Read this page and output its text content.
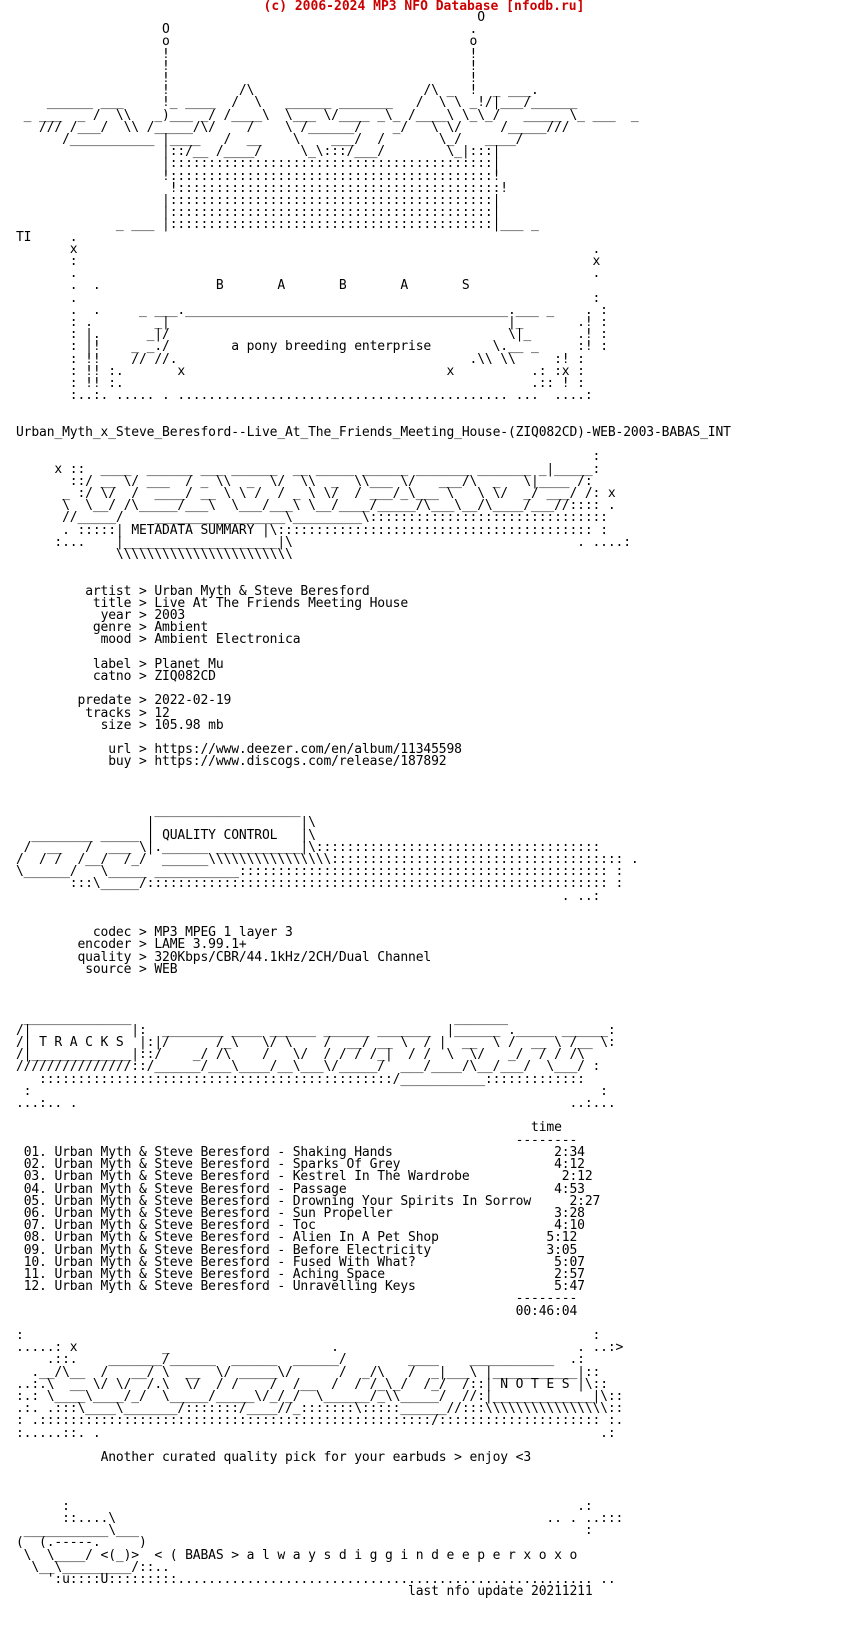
(c) 2006-2024 MP3 NFO Database [nfodb.ru]
O
O                                       .
o                                       o
!                                       !
!                                       !
!                                       !
!         /\                      /\ _  !  _ ___.
______ ___     !_ ____  /  \   ______ _______   /  \ \ _!/|___/______
_ ___  _ /  \\   _)___ _/ /____\  \___ \/____ _\_ /____\ \_\_/   _____ \_ ___  _
/// /___/  \\ /_____/\/    /    \ /______/    _/   \ \/     /_____///
/___________ |____   /  __    \    ___/  /       \_/   ____/
|::/__ /____/     \_\:::/___/        \_|:::|
|::::::::::::::::::::::::::::::::::::::::::|
!::::::::::::::::::::::::::::::::::::::::::!
!::::::::::::::::::::::::::::::::::::::::::!
|::::::::::::::::::::::::::::::::::::::::::|
|::::::::::::::::::::::::::::::::::::::::::|
_ ___ |::::::::::::::::::::::::::::::::::::::::::|___ _
TI     .
x                                                                   .
:                                                                   x
.                                                                   .
.  .	B       A       B       A       S
.                                                                   :
.  .     _ ___.__________________________________________.___ _    . :
: .        _|                                            |_       .! :
: |.      _|/                                            \|_      .! :
: |!    _ _./	a pony breeding enterprise	\.__ _     :! :
: !!    // //.                                      .\\ \\     :! :
: !! :.       x                                  x          .: :x :
: !! :.                                                     .:: ! :
:..:. ..... . ........................................... ...  ....:

Urban_Myth_x_Steve_Beresford--Live_At_The_Friends_Meeting_House-(ZIQ082CD)-WEB-2003-BABAS_INT

:
x ::  ____  ______ ___ ______  __ _____ ______ _______ _______ _|_____:
::/ __ \/ ___  / _ \\  _  \/  \\  _  \\___ \/   ___/\  _   \|____ /:
_ :/ \/  /  ____/ __ \ \ /  / _ \ \/  / ___/_\___ \   \ \/  _/ ___/ /: x
\  \__/ /\_____/___\  \___/___\ \__/____/_____/\___\__/\____/___//:::: .
//_____/    _________________\_________\:::::::::::::::::::::::::::::::
. :::::| METADATA SUMMARY |\::::::::::::::::::::::::::::::::::::::::: :
:...    |____________________|\                                     . ....:
\\\\\\\\\\\\\\\\\\\\\\\

artist > Urban Myth & Steve Beresford
title > Live At The Friends Meeting House
year > 2003
genre > Ambient
mood > Ambient Electronica

label > Planet Mu
catno > ZIQ082CD

predate > 2022-02-19
tracks > 12
size > 105.98 mb

url > https://www.deezer.com/en/album/11345598
buy > https://www.discogs.com/release/187892

___________________
|                   |\
________ _____ | QUALITY CONTROL   |\
/  __   /  ___ \|.______ ___________|\:::::::::::::::::::::::::::::::::::::
/  / /  /__/  /_/  ______\\\\\\\\\\\\\\\\:::::::::::::::::::::::::::::::::::::: .
\______/   \_____ ___________:::::::::::::::::::::::::::::::::::::::::::::::: :
:::\_____/:::::::::::::::::::::::::::::::::::::::::::::::::::::::::::: :
. ..:

codec > MP3 MPEG 1 layer 3
encoder > LAME 3.99.1+
quality > 320Kbps/CBR/44.1kHz/2CH/Dual Channel
source > WEB

______________                                          _______
/|             |:  ________ ____ ______ ______ _______  |______ ._____ ______:
/| T R A C K S  |:|/      /_\   \/ \    /  __/ __ \  / |  __  \ /  __ \ /__ \:
/|_____________|::/    _/ /\    /   \/  / / / /_|  / /  \  \/   _/  / / /\
///////////////::/______/___\____/__\___\/_____/  ___/____/\__/___/  \___/ :
::::::::::::::::::::::::::::::::::::::::::::::/___________:::::::::::::
:                                                                          :
...:.. .                                                                ..:...

time
--------
01. Urban Myth & Steve Beresford - Shaking Hands	2:34
02. Urban Myth & Steve Beresford - Sparks Of Grey	4:12
03. Urban Myth & Steve Beresford - Kestrel In The Wardrobe	2:12
04. Urban Myth & Steve Beresford - Passage	4:53
05. Urban Myth & Steve Beresford - Drowning Your Spirits In Sorrow	2:27
06. Urban Myth & Steve Beresford - Sun Propeller	3:28
07. Urban Myth & Steve Beresford - Toc	4:10
08. Urban Myth & Steve Beresford - Alien In A Pet Shop	5:12
09. Urban Myth & Steve Beresford - Before Electricity	3:05
10. Urban Myth & Steve Beresford - Fused With What?	5:07
11. Urban Myth & Steve Beresford - Aching Space	2:57
12. Urban Myth & Steve Beresford - Unravelling Keys	5:47
--------
00:46:04

:                                                                          :
.....: x           _                     .                               . ..:>
.::.    _______/______  ______  ______/        ____    ___________  .:
.__/\__  /   __/ \  __  \/ _____\/      /  _/\   /  _|___\ |___________|::
..:.\  __ \/ \/  /.\  \/  / /    /  /__  /  / /_\_/  /_/  /::| N O T E S |\::
:.: \____\____/_/  \_____/_____\/_/_/  \______/_\\_____/  //:|_____________|\::
.:. .:::\____\_______/:::::::/____//_:::::::\:::::______//:::\\\\\\\\\\\\\\\\::
: .:::::::::::::::::::::::::::::::::::::::::::::::::::/::::::::::::::::::::: :.
:.....::. .                                                                 .:

Another curated quality pick for your earbuds > enjoy <3

:                                                                  .:
::....\                                                        .. . ..:::
___________\___                                                          :
(  (.-----.     )
\  \____/ <(_)>  < ( BABAS > a l w a y s d i g g i n d e e p e r x o x o
\__\_________/::..
':u::::U:::::::::...................................................... ..
last nfo update 20211211
